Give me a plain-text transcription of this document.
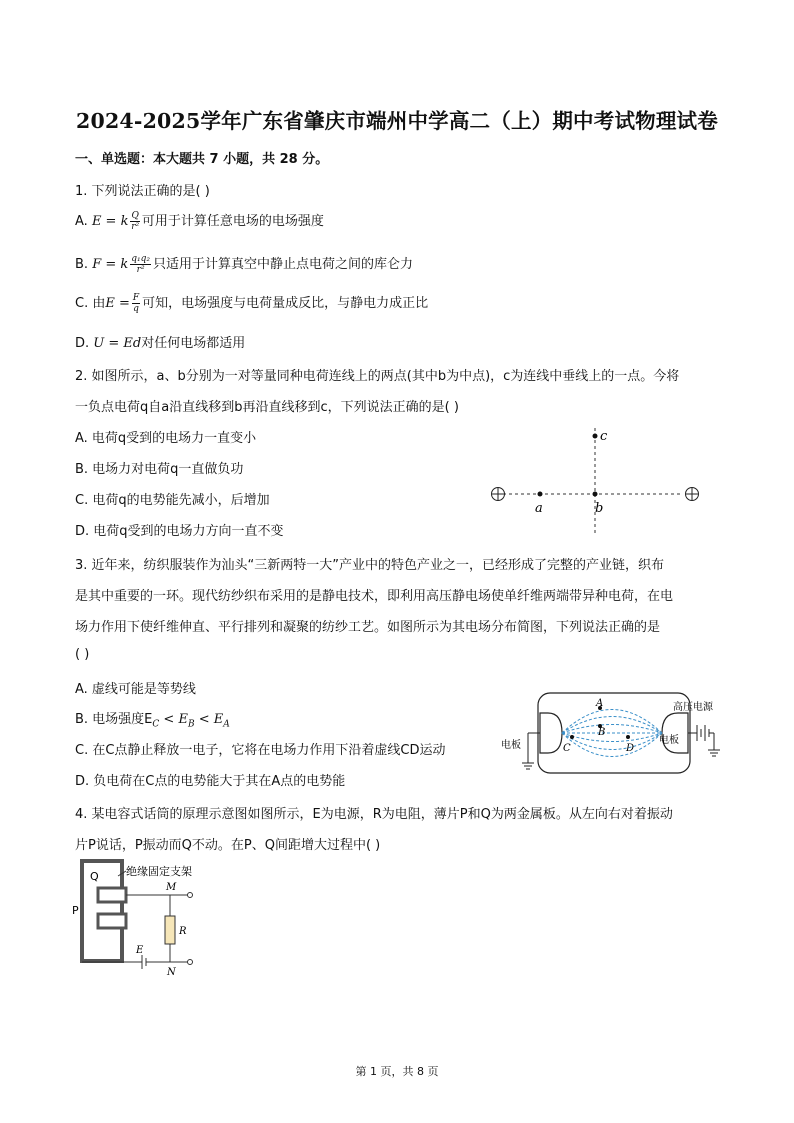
2024-2025学年广东省肇庆市端州中学高二（上）期中考试物理试卷
一、单选题：本大题共 7 小题，共 28 分。
1. 下列说法正确的是( )
A. E = k $\frac{Q}{\text{r²}}$ 可用于计算任意电场的电场强度
B. F = k $\frac{\text{q₁q₂}}{\text{r²}}$ 只适用于计算真空中静止点电荷之间的库仑力
C. 由$E = \frac{F}{q}$ 可知，电场强度与电荷量成反比，与静电力成正比
D. U = Ed对任何电场都适用
2. 如图所示，a、b分别为一对等量同种电荷连线上的两点(其中b为中点)，c为连线中垂线上的一点。今将
一负点电荷q自a沿直线移到b再沿直线移到c，下列说法正确的是( )
A. 电荷q受到的电场力一直变小
B. 电场力对电荷q一直做负功
C. 电荷q的电势能先减小，后增加
D. 电荷q受到的电场力方向一直不变
a	b
c
3. 近年来，纺织服装作为汕头“三新两特一大”产业中的特色产业之一，已经形成了完整的产业链，织布
是其中重要的一环。现代纺纱织布采用的是静电技术，即利用高压静电场使单纤维两端带异种电荷，在电
场力作用下使纤维伸直、平行排列和凝聚的纺纱工艺。如图所示为其电场分布简图，下列说法正确的是
( )
A. 虚线可能是等势线
B. 电场强度$E_C < E_B < E_A$
C. 在C点静止释放一电子，它将在电场力作用下沿着虚线CD运动
D. 负电荷在C点的电势能大于其在A点的电势能
A
B
C	D
电板
高压电源
电板
4. 某电容式话筒的原理示意图如图所示，E为电源，R为电阻，薄片P和Q为两金属板。从左向右对着振动
片P说话，P振动而Q不动。在P、Q间距增大过程中( )
Q
P
绝缘固定支架
M
R
E
N
第 1 页，共 8 页
